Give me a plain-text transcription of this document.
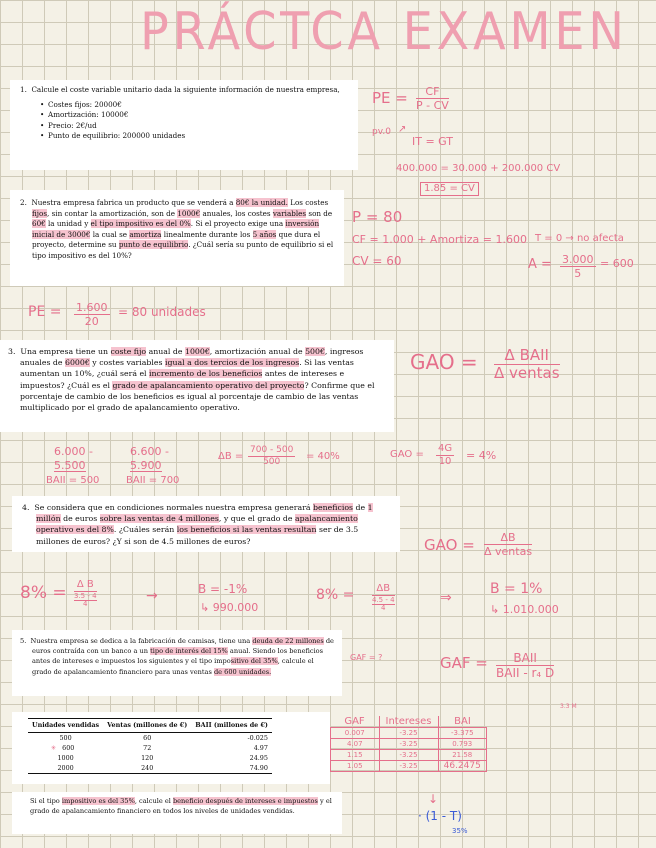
PRÁCTCA EXAMEN

1. Calcule el coste variable unitario dada la siguiente información de nuestra empresa,

• Costes fijos: 20000€
• Amortización: 10000€
• Precio: 2€/ud
• Punto de equilibrio: 200000 unidades

2. Nuestra empresa fabrica un producto que se venderá a 80€ la unidad. Los costes fijos, sin contar la amortización, son de 1000€ anuales, los costes variables son de 60€ la unidad y el tipo impositivo es del 0%. Si el proyecto exige una inversión inicial de 3000€ la cual se amortiza linealmente durante los 5 años que dura el proyecto, determine su punto de equilibrio. ¿Cuál sería su punto de equilibrio si el tipo impositivo es del 10%?

3. Una empresa tiene un coste fijo anual de 1000€, amortización anual de 500€, ingresos anuales de 6000€ y costes variables igual a dos tercios de los ingresos. Si las ventas aumentan un 10%, ¿cuál será el incremento de los beneficios antes de intereses e impuestos? ¿Cuál es el grado de apalancamiento operativo del proyecto? Confirme que el porcentaje de cambio de los beneficios es igual al porcentaje de cambio de las ventas multiplicado por el grado de apalancamiento operativo.

4. Se considera que en condiciones normales nuestra empresa generará beneficios de 1 millón de euros sobre las ventas de 4 millones, y que el grado de apalancamiento operativo es del 8%. ¿Cuáles serán los beneficios si las ventas resultan ser de 3.5 millones de euros? ¿Y si son de 4.5 millones de euros?

5. Nuestra empresa se dedica a la fabricación de camisas, tiene una deuda de 22 millones de euros contraída con un banco a un tipo de interés del 15% anual. Siendo los beneficios antes de intereses e impuestos los siguientes y el tipo impositivo del 35%, calcule el grado de apalancamiento financiero para unas ventas de 600 unidades.

Unidades vendidas	Ventas (millones de €)	BAII (millones de €)
500	60	-0.025
✳ 600	72	4.97
1000	120	24.95
2000	240	74.90

Si el tipo impositivo es del 35%, calcule el beneficio después de intereses e impuestos y el grado de apalancamiento financiero en todos los niveles de unidades vendidas.

PE = $\frac{CF}{P - CV}$
pv.0 ↗
IT = GT
400.000 = 30.000 + 200.000 CV
1.85 = CV
P = 80
CF = 1.000 + Amortiza = 1.600 T = 0 → no afecta
CV = 60	$A = \frac{3.000}{5} = 600$
PE = $\frac{1.600}{20} = 80$ unidades
GAO =	Δ BAII
Δ ventas
6.000 -
5.500
BAII = 500
6.600 -
5.900
BAII = 700
$\Delta B = \frac{700 - 500}{500} = 40\%$	GAO = $\frac{4G}{10} = 4\%$
GAO =	ΔB
Δ ventas
8% = Δ B
3.5 - 4
4	→	B = -1%
↳ 990.000
8% = ΔB
4.5 - 4
4	⇒
B = 1%
↳ 1.010.000
GAF = ?	GAF =	BAII
BAII - r₄ D
3.3 M
GAF	Intereses	BAI
0.007	-3.25	-3.375
4.07	-3.25	0.793
1.15	-3.25	21.58
1.05	-3.25	46.2475
↓
· (1 - T)
35%
